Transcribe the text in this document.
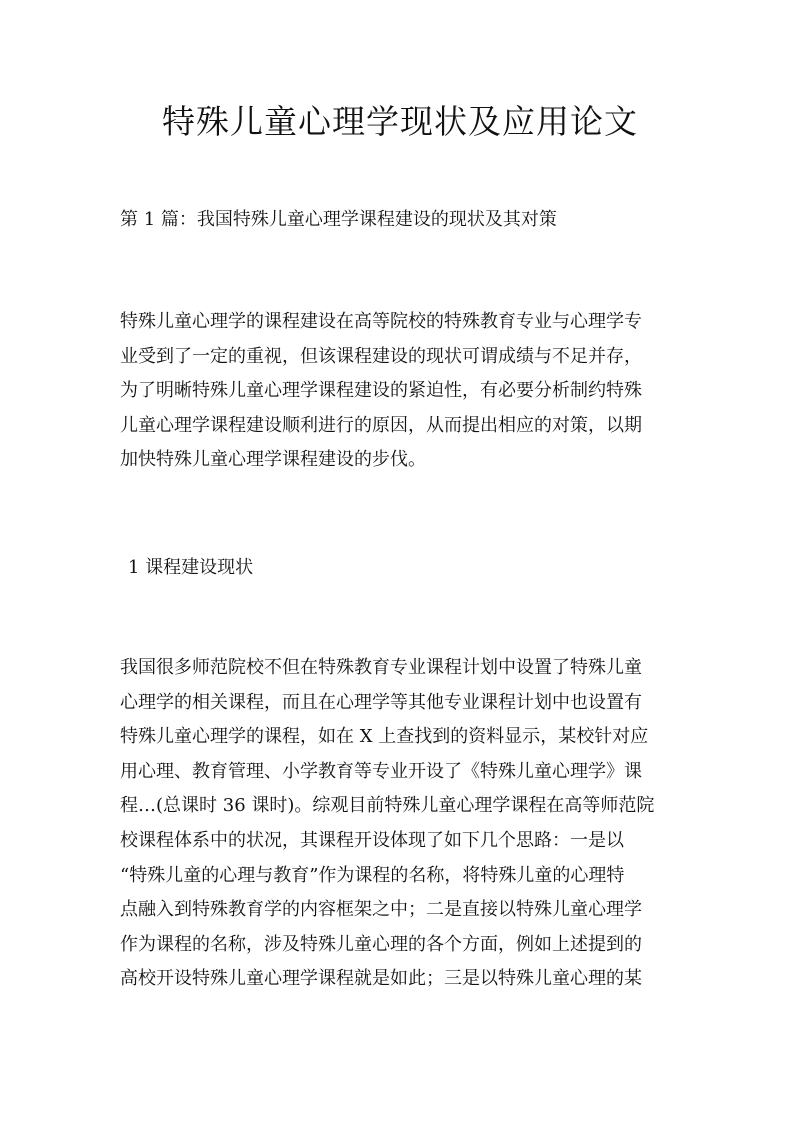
特殊儿童心理学现状及应用论文
第 1 篇：我国特殊儿童心理学课程建设的现状及其对策
特殊儿童心理学的课程建设在高等院校的特殊教育专业与心理学专
业受到了一定的重视，但该课程建设的现状可谓成绩与不足并存，
为了明晰特殊儿童心理学课程建设的紧迫性，有必要分析制约特殊
儿童心理学课程建设顺利进行的原因，从而提出相应的对策，以期
加快特殊儿童心理学课程建设的步伐。
1 课程建设现状
我国很多师范院校不但在特殊教育专业课程计划中设置了特殊儿童
心理学的相关课程，而且在心理学等其他专业课程计划中也设置有
特殊儿童心理学的课程，如在 X 上查找到的资料显示，某校针对应
用心理、教育管理、小学教育等专业开设了《特殊儿童心理学》课
程…(总课时 36 课时)。综观目前特殊儿童心理学课程在高等师范院
校课程体系中的状况，其课程开设体现了如下几个思路：一是以
“特殊儿童的心理与教育”作为课程的名称，将特殊儿童的心理特
点融入到特殊教育学的内容框架之中；二是直接以特殊儿童心理学
作为课程的名称，涉及特殊儿童心理的各个方面，例如上述提到的
高校开设特殊儿童心理学课程就是如此；三是以特殊儿童心理的某
